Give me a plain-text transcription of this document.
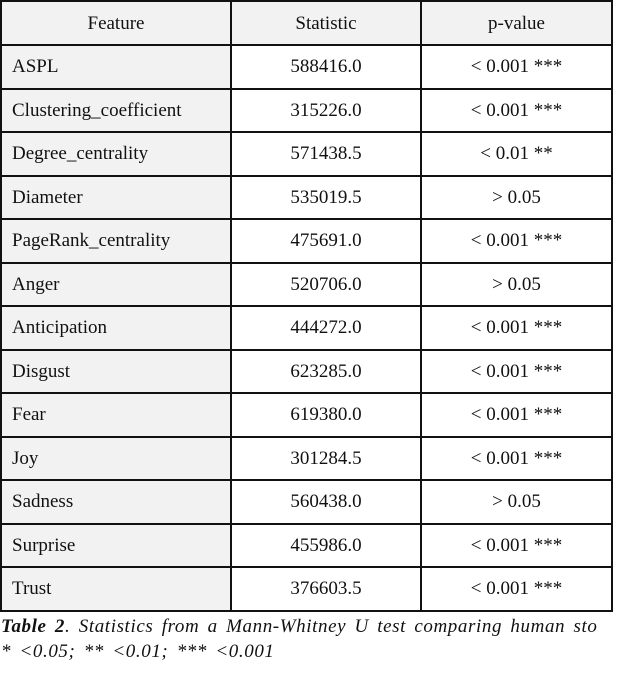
Feature	Statistic	p-value
ASPL	588416.0	< 0.001 ***
Clustering_coefficient	315226.0	< 0.001 ***
Degree_centrality	571438.5	< 0.01 **
Diameter	535019.5	> 0.05
PageRank_centrality	475691.0	< 0.001 ***
Anger	520706.0	> 0.05
Anticipation	444272.0	< 0.001 ***
Disgust	623285.0	< 0.001 ***
Fear	619380.0	< 0.001 ***
Joy	301284.5	< 0.001 ***
Sadness	560438.0	> 0.05
Surprise	455986.0	< 0.001 ***
Trust	376603.5	< 0.001 ***
Table 2. Statistics from a Mann-Whitney U test comparing human sto
* <0.05; ** <0.01; *** <0.001
